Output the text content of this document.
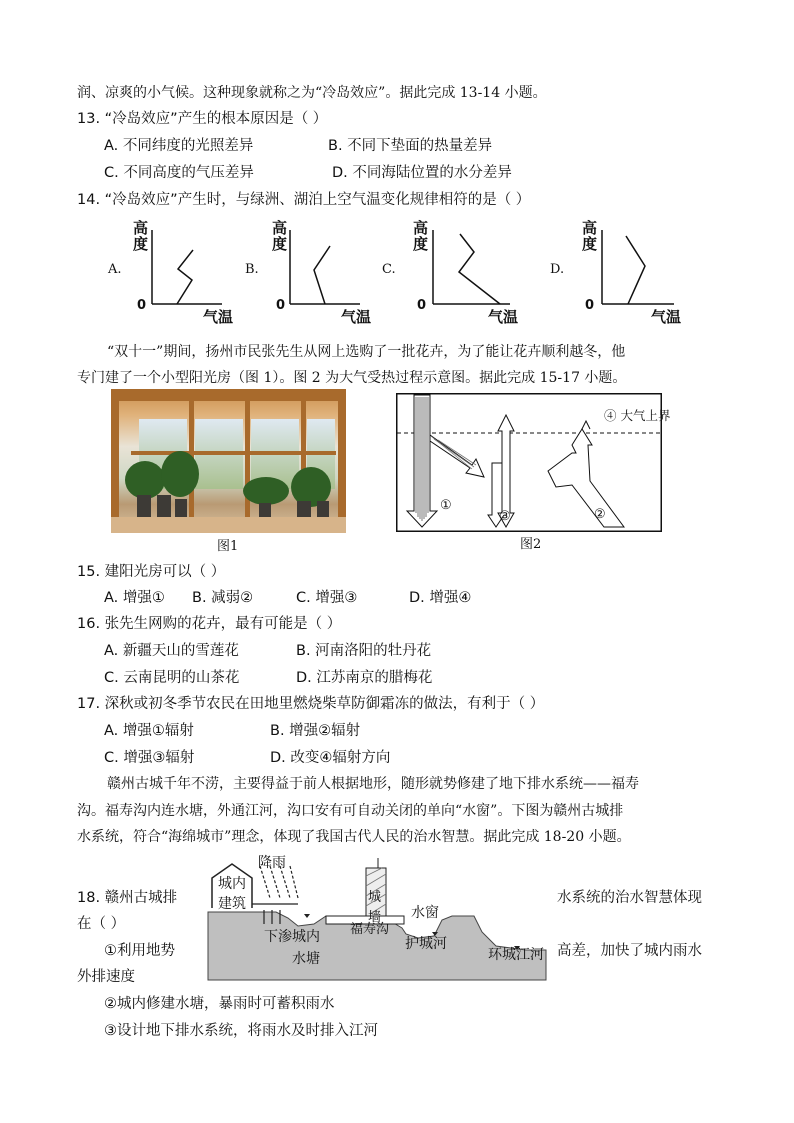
润、凉爽的小气候。这种现象就称之为“冷岛效应”。据此完成 13-14 小题。
13. “冷岛效应”产生的根本原因是（ ）
A. 不同纬度的光照差异	B. 不同下垫面的热量差异
C. 不同高度的气压差异	D. 不同海陆位置的水分差异
14. “冷岛效应”产生时，与绿洲、湖泊上空气温变化规律相符的是（ ）
A.
高度
0
气温
B.
高度
0
气温
C.
高度
0
气温
D.
高度
0
气温
“双十一”期间，扬州市民张先生从网上选购了一批花卉，为了能让花卉顺利越冬，他
专门建了一个小型阳光房（图 1）。图 2 为大气受热过程示意图。据此完成 15-17 小题。
图1
④ 大气上界
①
③	②
图2
15. 建阳光房可以（ ）
A. 增强① B. 减弱②	C. 增强③	D. 增强④
16. 张先生网购的花卉，最有可能是（ ）
A. 新疆天山的雪莲花	B. 河南洛阳的牡丹花
C. 云南昆明的山茶花	D. 江苏南京的腊梅花
17. 深秋或初冬季节农民在田地里燃烧柴草防御霜冻的做法，有利于（ ）
A. 增强①辐射	B. 增强②辐射
C. 增强③辐射	D. 改变④辐射方向
赣州古城千年不涝，主要得益于前人根据地形，随形就势修建了地下排水系统——福寿
沟。福寿沟内连水塘，外通江河，沟口安有可自动关闭的单向“水窗”。下图为赣州古城排
水系统，符合“海绵城市”理念，体现了我国古代人民的治水智慧。据此完成 18-20 小题。
降雨
城内
建筑
下渗 城内
水塘
福寿沟
城
墙 水窗
护城河
环城江河
18. 赣州古城排	水系统的治水智慧体现
在（ ）
①利用地势	高差，加快了城内雨水
外排速度
②城内修建水塘，暴雨时可蓄积雨水
③设计地下排水系统，将雨水及时排入江河
